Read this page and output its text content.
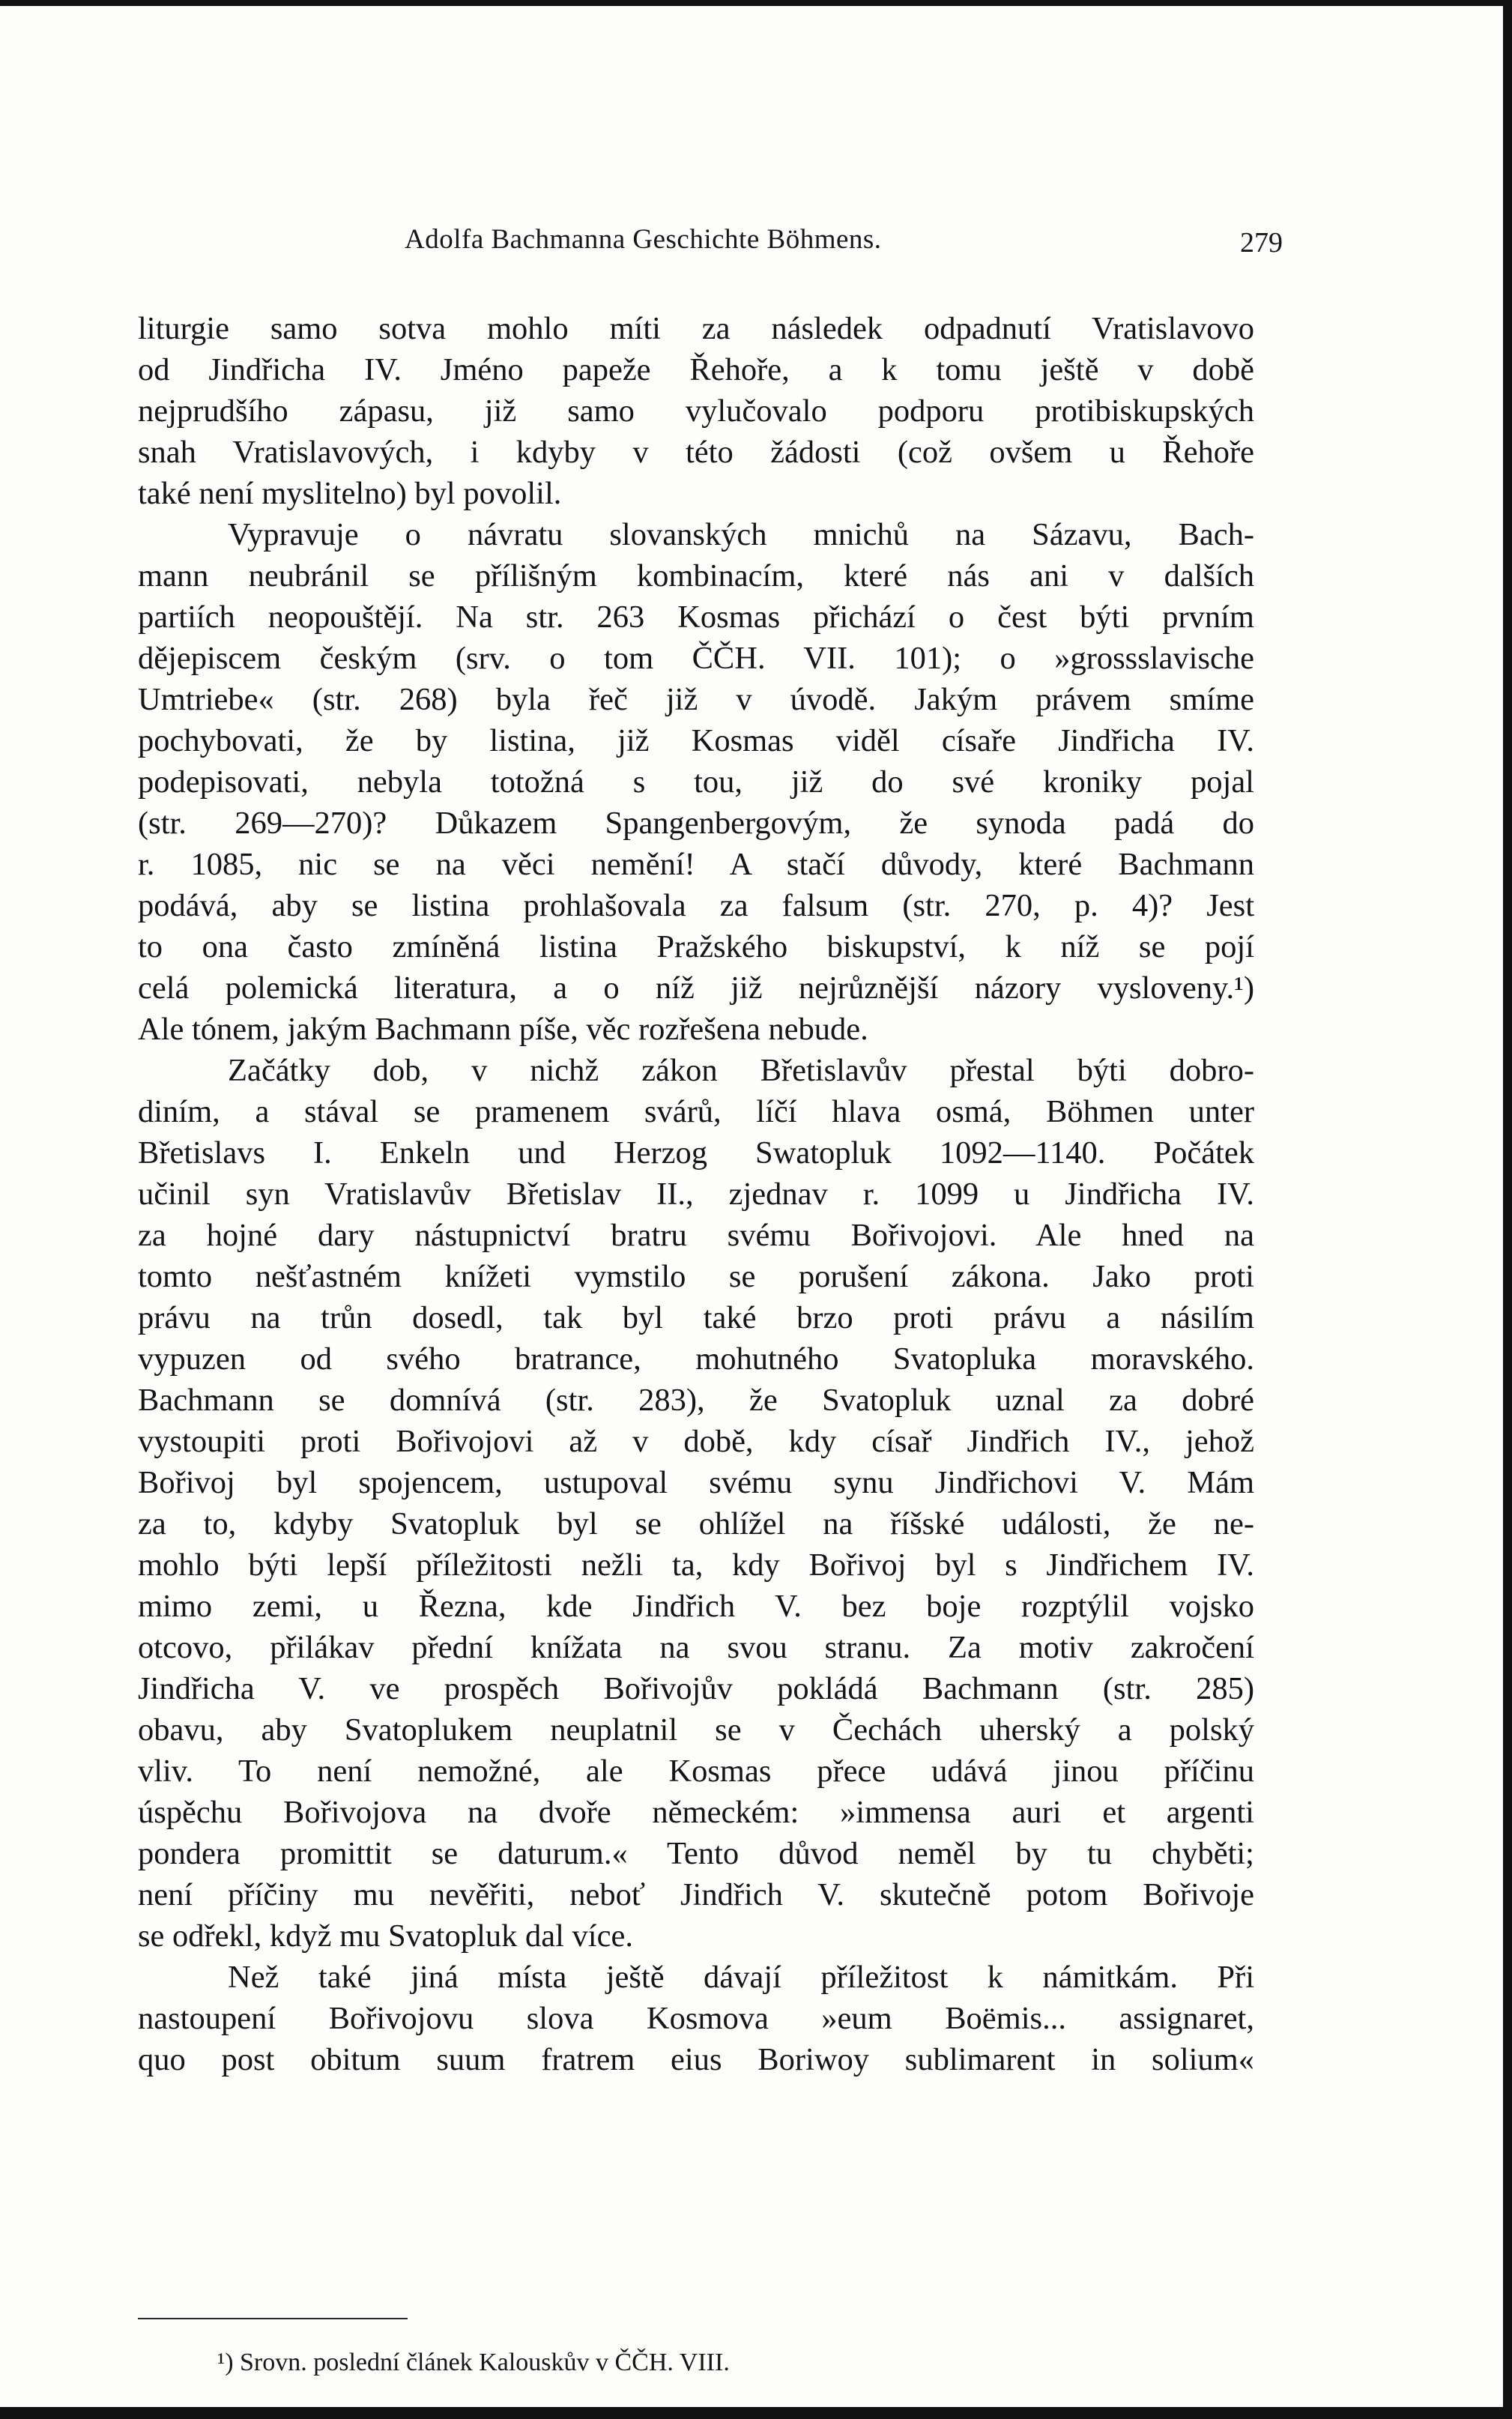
Adolfa Bachmanna Geschichte Böhmens.	279
liturgie samo sotva mohlo míti za následek odpadnutí Vratislavovo
od Jindřicha IV. Jméno papeže Řehoře, a k tomu ještě v době
nejprudšího zápasu, již samo vylučovalo podporu protibiskupských
snah Vratislavových, i kdyby v této žádosti (což ovšem u Řehoře
také není myslitelno) byl povolil.
Vypravuje o návratu slovanských mnichů na Sázavu, Bach-
mann neubránil se přílišným kombinacím, které nás ani v dalších
partiích neopouštějí. Na str. 263 Kosmas přichází o čest býti prvním
dějepiscem českým (srv. o tom ČČH. VII. 101); o »grossslavische
Umtriebe« (str. 268) byla řeč již v úvodě. Jakým právem smíme
pochybovati, že by listina, již Kosmas viděl císaře Jindřicha IV.
podepisovati, nebyla totožná s tou, již do své kroniky pojal
(str. 269—270)? Důkazem Spangenbergovým, že synoda padá do
r. 1085, nic se na věci nemění! A stačí důvody, které Bachmann
podává, aby se listina prohlašovala za falsum (str. 270, p. 4)? Jest
to ona často zmíněná listina Pražského biskupství, k níž se pojí
celá polemická literatura, a o níž již nejrůznější názory vysloveny.¹)
Ale tónem, jakým Bachmann píše, věc rozřešena nebude.
Začátky dob, v nichž zákon Břetislavův přestal býti dobro-
diním, a stával se pramenem svárů, líčí hlava osmá, Böhmen unter
Břetislavs I. Enkeln und Herzog Swatopluk 1092—1140. Počátek
učinil syn Vratislavův Břetislav II., zjednav r. 1099 u Jindřicha IV.
za hojné dary nástupnictví bratru svému Bořivojovi. Ale hned na
tomto nešťastném knížeti vymstilo se porušení zákona. Jako proti
právu na trůn dosedl, tak byl také brzo proti právu a násilím
vypuzen od svého bratrance, mohutného Svatopluka moravského.
Bachmann se domnívá (str. 283), že Svatopluk uznal za dobré
vystoupiti proti Bořivojovi až v době, kdy císař Jindřich IV., jehož
Bořivoj byl spojencem, ustupoval svému synu Jindřichovi V. Mám
za to, kdyby Svatopluk byl se ohlížel na říšské události, že ne-
mohlo býti lepší příležitosti nežli ta, kdy Bořivoj byl s Jindřichem IV.
mimo zemi, u Řezna, kde Jindřich V. bez boje rozptýlil vojsko
otcovo, přilákav přední knížata na svou stranu. Za motiv zakročení
Jindřicha V. ve prospěch Bořivojův pokládá Bachmann (str. 285)
obavu, aby Svatoplukem neuplatnil se v Čechách uherský a polský
vliv. To není nemožné, ale Kosmas přece udává jinou příčinu
úspěchu Bořivojova na dvoře německém: »immensa auri et argenti
pondera promittit se daturum.« Tento důvod neměl by tu chyběti;
není příčiny mu nevěřiti, neboť Jindřich V. skutečně potom Bořivoje
se odřekl, když mu Svatopluk dal více.
Než také jiná místa ještě dávají příležitost k námitkám. Při
nastoupení Bořivojovu slova Kosmova »eum Boëmis... assignaret,
quo post obitum suum fratrem eius Boriwoy sublimarent in solium«
¹) Srovn. poslední článek Kalouskův v ČČH. VIII.
